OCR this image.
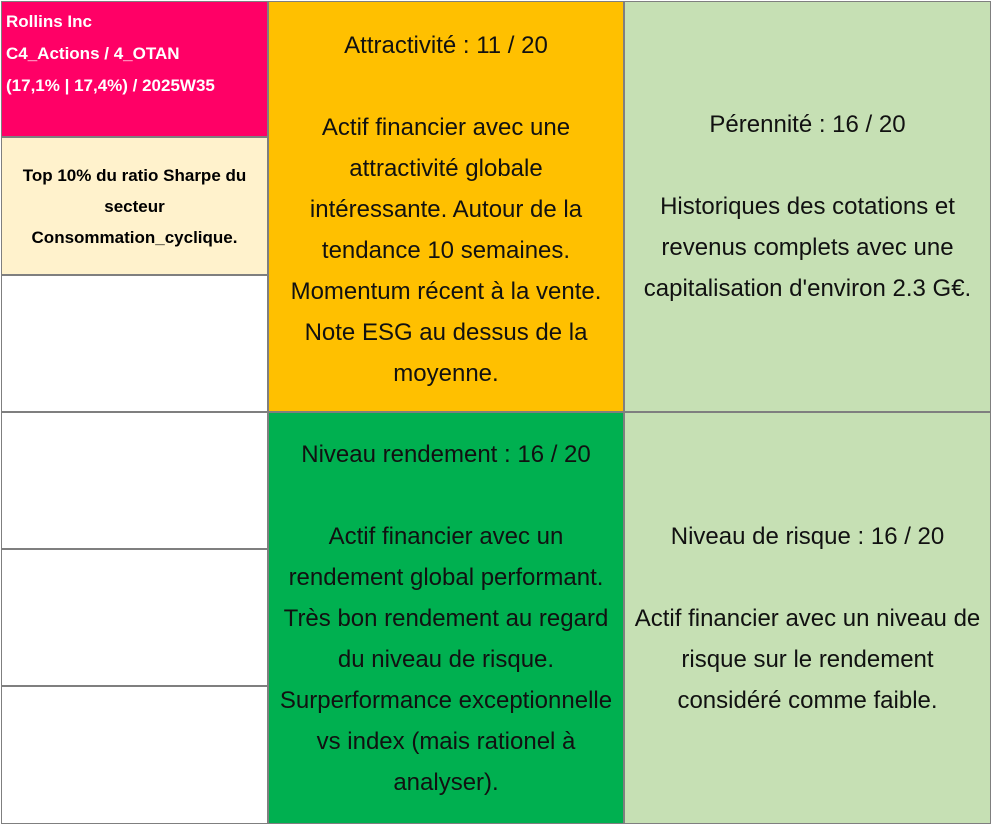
Rollins Inc
C4_Actions / 4_OTAN
(17,1% | 17,4%) / 2025W35
Top 10% du ratio Sharpe du secteur Consommation_cyclique.
Attractivité : 11 / 20
Actif financier avec une
attractivité globale
intéressante. Autour de la
tendance 10 semaines.
Momentum récent à la vente.
Note ESG au dessus de la
moyenne.
Pérennité : 16 / 20
Historiques des cotations et
revenus complets avec une
capitalisation d'environ 2.3 G€.
Niveau rendement : 16 / 20
Actif financier avec un
rendement global performant.
Très bon rendement au regard
du niveau de risque.
Surperformance exceptionnelle
vs index (mais rationel à
analyser).
Niveau de risque : 16 / 20
Actif financier avec un niveau de
risque sur le rendement
considéré comme faible.
